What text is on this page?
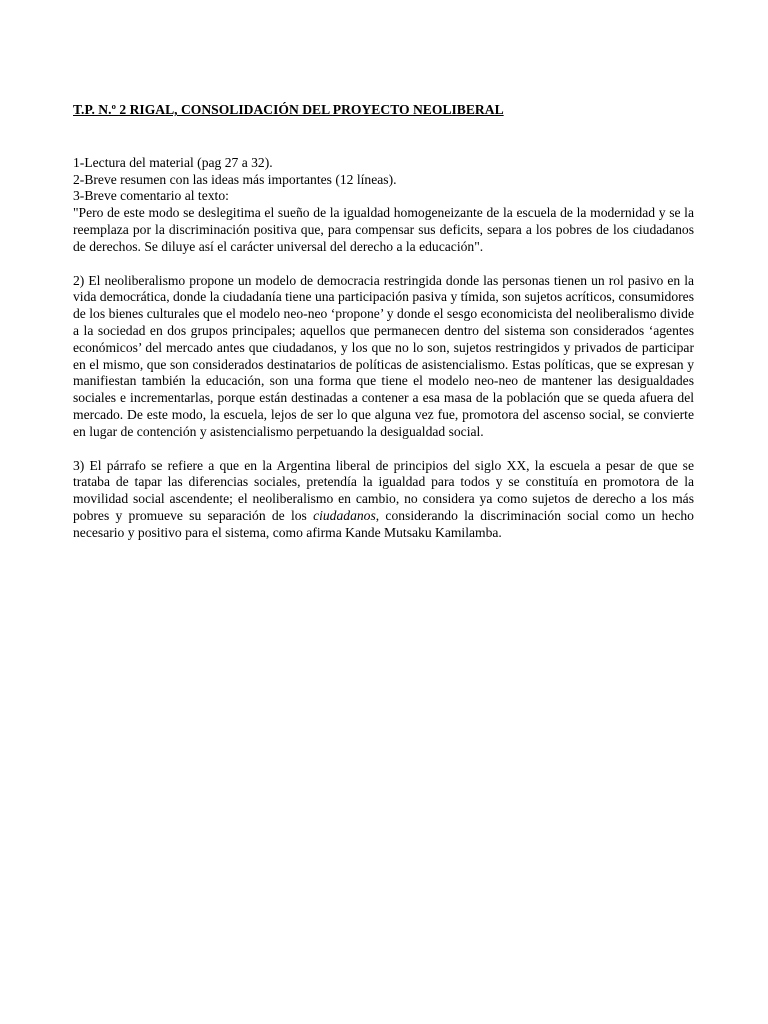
T.P. N.º 2 RIGAL, CONSOLIDACIÓN DEL PROYECTO NEOLIBERAL

1-Lectura del material (pag 27 a 32).

2-Breve resumen con las ideas más importantes (12 líneas).

3-Breve comentario al texto:

"Pero de este modo se deslegitima el sueño de la igualdad homogeneizante de la escuela de la modernidad y se la reemplaza por la discriminación positiva que, para compensar sus deficits, separa a los pobres de los ciudadanos de derechos. Se diluye así el carácter universal del derecho a la educación".

2) El neoliberalismo propone un modelo de democracia restringida donde las personas tienen un rol pasivo en la vida democrática, donde la ciudadanía tiene una participación pasiva y tímida, son sujetos acríticos, consumidores de los bienes culturales que el modelo neo-neo ‘propone’ y donde el sesgo economicista del neoliberalismo divide a la sociedad en dos grupos principales; aquellos que permanecen dentro del sistema son considerados ‘agentes económicos’ del mercado antes que ciudadanos, y los que no lo son, sujetos restringidos y privados de participar en el mismo, que son considerados destinatarios de políticas de asistencialismo. Estas políticas, que se expresan y manifiestan también la educación, son una forma que tiene el modelo neo-neo de mantener las desigualdades sociales e incrementarlas, porque están destinadas a contener a esa masa de la población que se queda afuera del mercado. De este modo, la escuela, lejos de ser lo que alguna vez fue, promotora del ascenso social, se convierte en lugar de contención y asistencialismo perpetuando la desigualdad social.

3) El párrafo se refiere a que en la Argentina liberal de principios del siglo XX, la escuela a pesar de que se trataba de tapar las diferencias sociales, pretendía la igualdad para todos y se constituía en promotora de la movilidad social ascendente; el neoliberalismo en cambio, no considera ya como sujetos de derecho a los más pobres y promueve su separación de los ciudadanos, considerando la discriminación social como un hecho necesario y positivo para el sistema, como afirma Kande Mutsaku Kamilamba.
